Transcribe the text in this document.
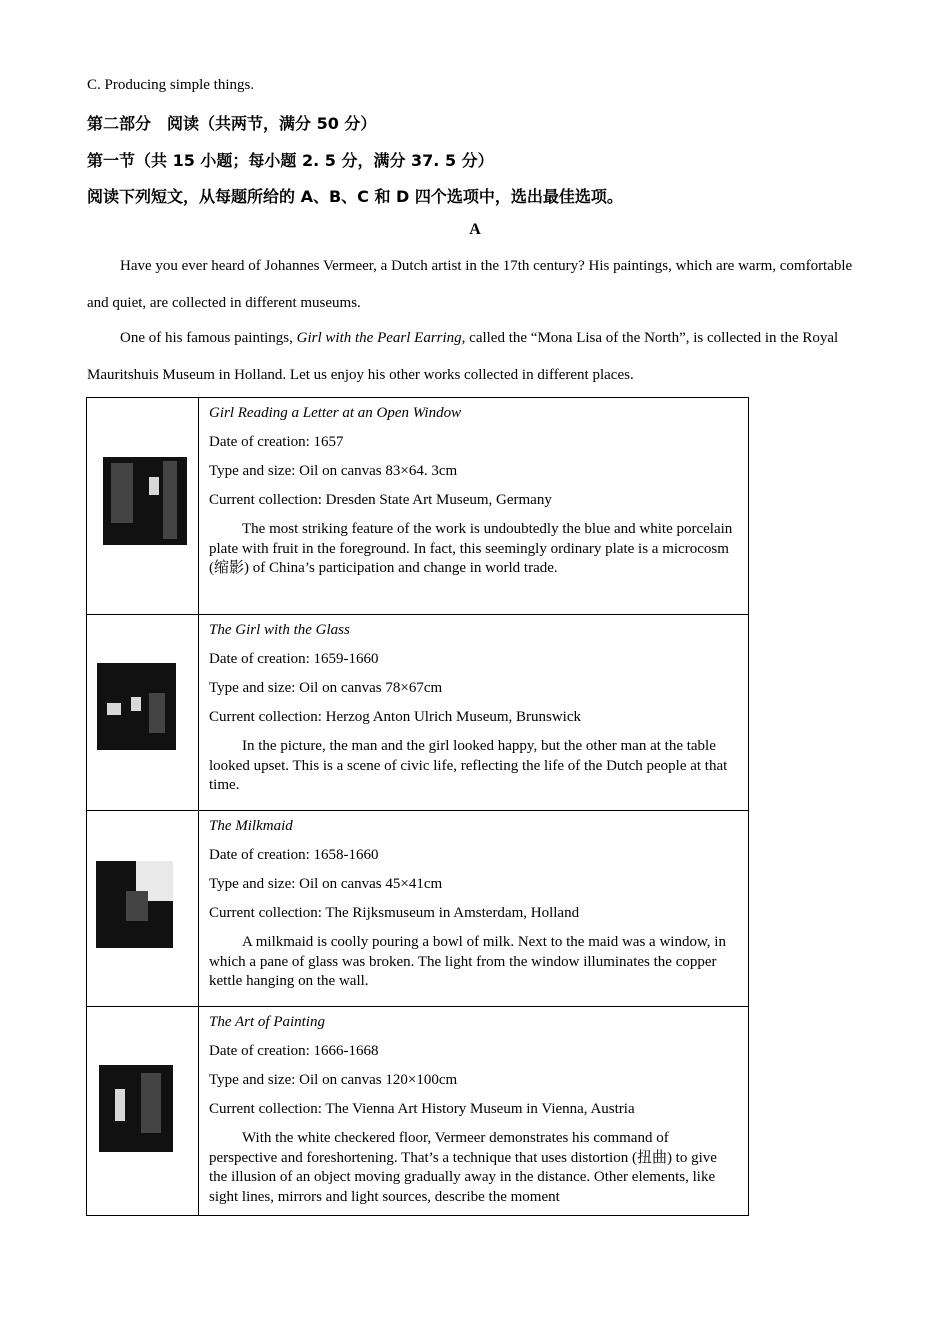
C. Producing simple things.
第二部分　阅读（共两节，满分 50 分）
第一节（共 15 小题；每小题 2. 5 分，满分 37. 5 分）
阅读下列短文，从每题所给的 A、B、C 和 D 四个选项中，选出最佳选项。
A
Have you ever heard of Johannes Vermeer, a Dutch artist in the 17th century? His paintings, which are warm, comfortable and quiet, are collected in different museums.
One of his famous paintings, Girl with the Pearl Earring, called the “Mona Lisa of the North”, is collected in the Royal Mauritshuis Museum in Holland. Let us enjoy his other works collected in different places.

	Girl Reading a Letter at an Open Window
Date of creation: 1657
Type and size: Oil on canvas 83×64. 3cm
Current collection: Dresden State Art Museum, Germany
The most striking feature of the work is undoubtedly the blue and white porcelain plate with fruit in the foreground. In fact, this seemingly ordinary plate is a microcosm (缩影) of China’s participation and change in world trade.

	The Girl with the Glass
Date of creation: 1659-1660
Type and size: Oil on canvas 78×67cm
Current collection: Herzog Anton Ulrich Museum, Brunswick
In the picture, the man and the girl looked happy, but the other man at the table looked upset. This is a scene of civic life, reflecting the life of the Dutch people at that time.

	The Milkmaid
Date of creation: 1658-1660
Type and size: Oil on canvas 45×41cm
Current collection: The Rijksmuseum in Amsterdam, Holland
A milkmaid is coolly pouring a bowl of milk. Next to the maid was a window, in which a pane of glass was broken. The light from the window illuminates the copper kettle hanging on the wall.

	The Art of Painting
Date of creation: 1666-1668
Type and size: Oil on canvas 120×100cm
Current collection: The Vienna Art History Museum in Vienna, Austria
With the white checkered floor, Vermeer demonstrates his command of perspective and foreshortening. That’s a technique that uses distortion (扭曲) to give the illusion of an object moving gradually away in the distance. Other elements, like sight lines, mirrors and light sources, describe the moment
